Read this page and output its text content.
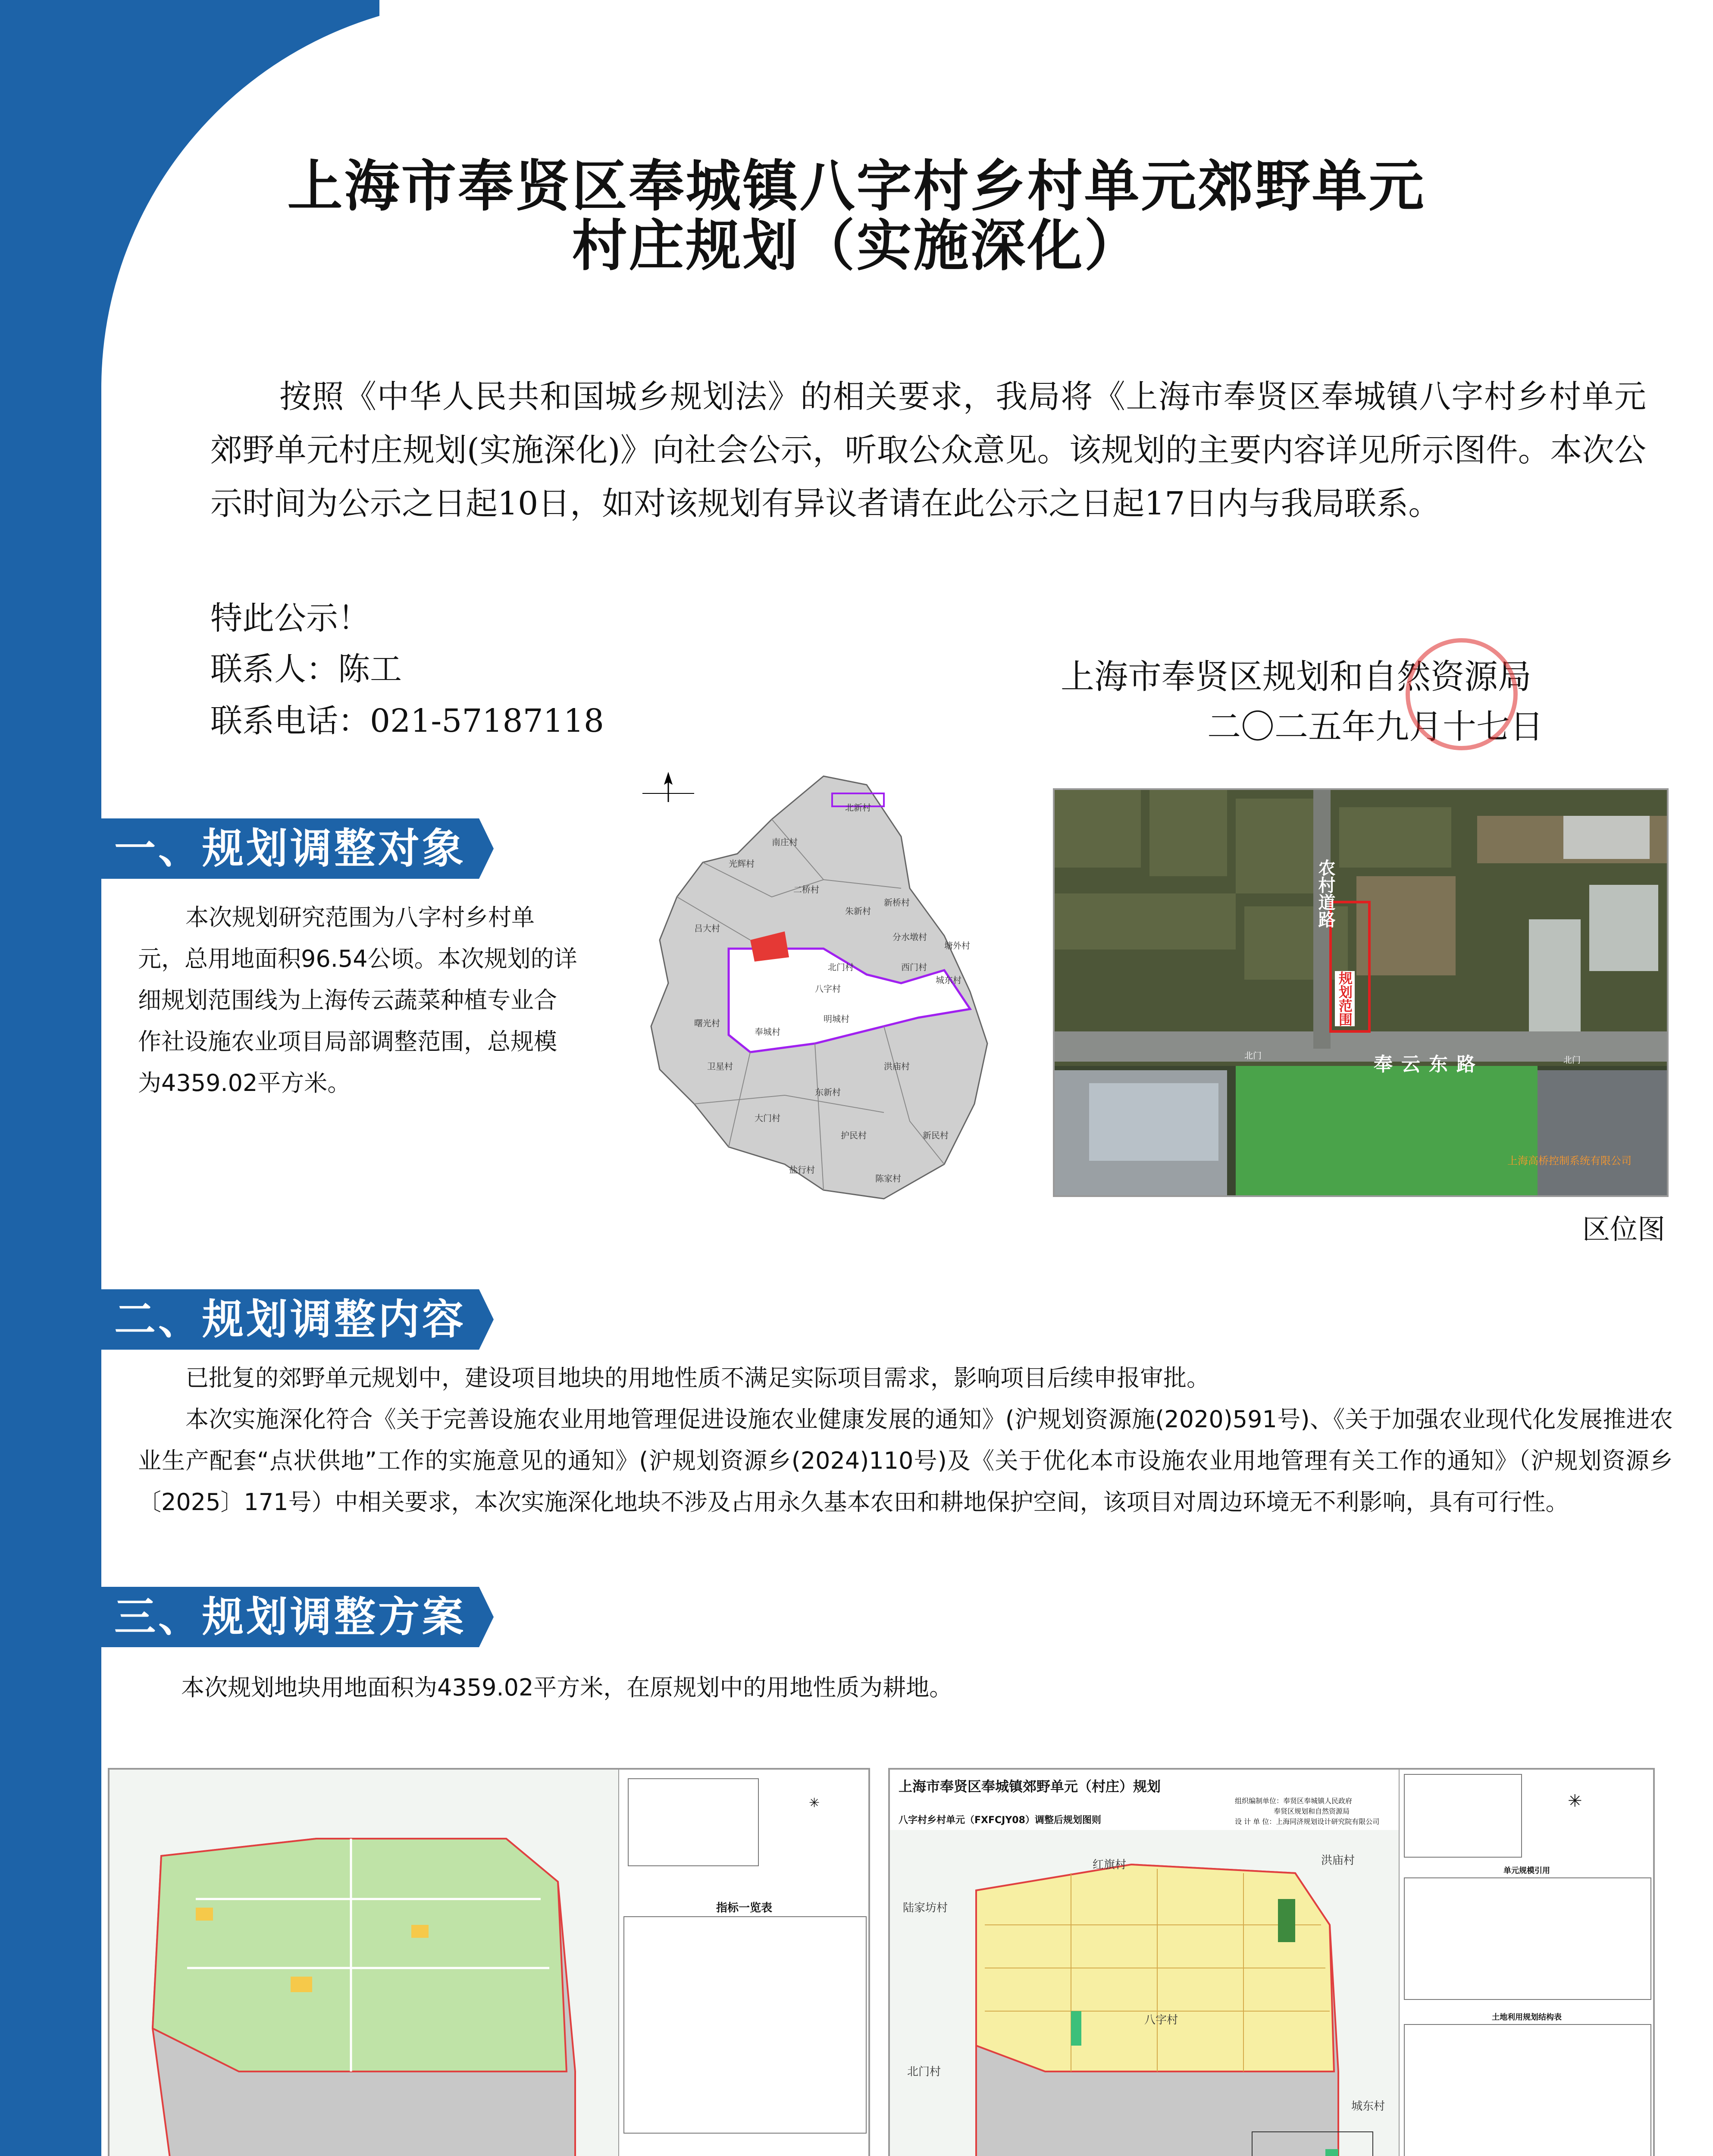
上海市奉贤区奉城镇八字村乡村单元郊野单元
村庄规划（实施深化）
按照《中华人民共和国城乡规划法》的相关要求，我局将《上海市奉贤区奉城镇八字村乡村单元郊野单元村庄规划(实施深化)》向社会公示，听取公众意见。该规划的主要内容详见所示图件。本次公示时间为公示之日起10日，如对该规划有异议者请在此公示之日起17日内与我局联系。
特此公示！
联系人：陈工
联系电话：021-57187118
上海市奉贤区规划和自然资源局
二〇二五年九月十七日
一、规划调整对象
本次规划研究范围为八字村乡村单元，总用地面积96.54公顷。本次规划的详细规划范围线为上海传云蔬菜种植专业合作社设施农业项目局部调整范围，总规模为4359.02平方米。
北新村
南庄村
光辉村
新桥村
二桥村
朱新村
吕大村
分水墩村
八字村
明城村
西门村
北门村
城东村
塘外村
曙光村
卫星村
大门村
东新村
洪庙村
新民村
护民村
陈家村
盐行村
奉城村
农村道路
规划范围
奉云东路
北门	北门
上海高桥控制系统有限公司
区位图
二、规划调整内容
已批复的郊野单元规划中，建设项目地块的用地性质不满足实际项目需求，影响项目后续申报审批。
本次实施深化符合《关于完善设施农业用地管理促进设施农业健康发展的通知》(沪规划资源施(2020)591号)、《关于加强农业现代化发展推进农业生产配套“点状供地”工作的实施意见的通知》(沪规划资源乡(2024)110号)及《关于优化本市设施农业用地管理有关工作的通知》（沪规划资源乡〔2025〕171号）中相关要求，本次实施深化地块不涉及占用永久基本农田和耕地保护空间，该项目对周边环境无不利影响，具有可行性。
三、规划调整方案
本次规划地块用地面积为4359.02平方米，在原规划中的用地性质为耕地。
✳
指标一览表
上海市奉贤区奉城镇郊野单元（村庄）规划
八字村乡村单元（FXFCJY08）调整后规划图则
组织编制单位：奉贤区奉城镇人民政府
奉贤区规划和自然资源局
设 计 单 位：上海同济规划设计研究院有限公司
八字村
红旗村	洪庙村
陆家坊村
北门村
城东村
✳
单元规模引用
土地利用规划结构表
